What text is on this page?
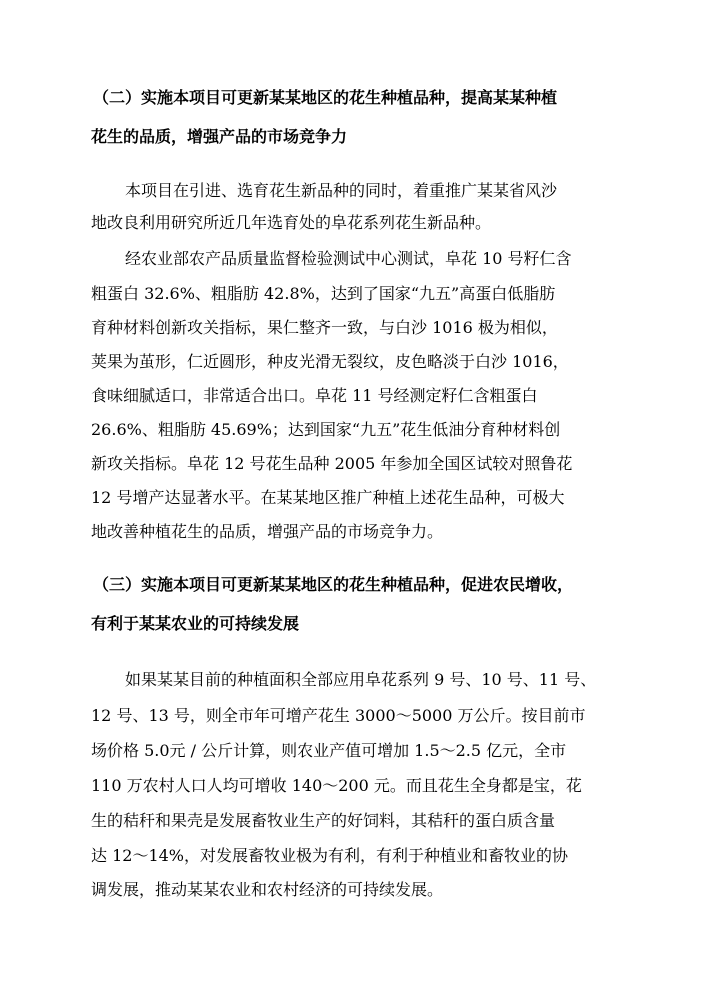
（二）实施本项目可更新某某地区的花生种植品种，提高某某种植
花生的品质，增强产品的市场竞争力
本项目在引进、选育花生新品种的同时，着重推广某某省风沙
地改良利用研究所近几年选育处的阜花系列花生新品种。
经农业部农产品质量监督检验测试中心测试，阜花 10 号籽仁含
粗蛋白 32.6%、粗脂肪 42.8%，达到了国家“九五”高蛋白低脂肪
育种材料创新攻关指标，果仁整齐一致，与白沙 1016 极为相似，
荚果为茧形，仁近圆形，种皮光滑无裂纹，皮色略淡于白沙 1016，
食味细腻适口，非常适合出口。阜花 11 号经测定籽仁含粗蛋白
26.6%、粗脂肪 45.69%；达到国家“九五”花生低油分育种材料创
新攻关指标。阜花 12 号花生品种 2005 年参加全国区试较对照鲁花
12 号增产达显著水平。在某某地区推广种植上述花生品种，可极大
地改善种植花生的品质，增强产品的市场竞争力。
（三）实施本项目可更新某某地区的花生种植品种，促进农民增收，
有利于某某农业的可持续发展
如果某某目前的种植面积全部应用阜花系列 9 号、10 号、11 号、
12 号、13 号，则全市年可增产花生 3000～5000 万公斤。按目前市
场价格 5.0元 / 公斤计算，则农业产值可增加 1.5～2.5 亿元，全市
110 万农村人口人均可增收 140～200 元。而且花生全身都是宝，花
生的秸秆和果壳是发展畜牧业生产的好饲料，其秸秆的蛋白质含量
达 12～14%，对发展畜牧业极为有利，有利于种植业和畜牧业的协
调发展，推动某某农业和农村经济的可持续发展。
